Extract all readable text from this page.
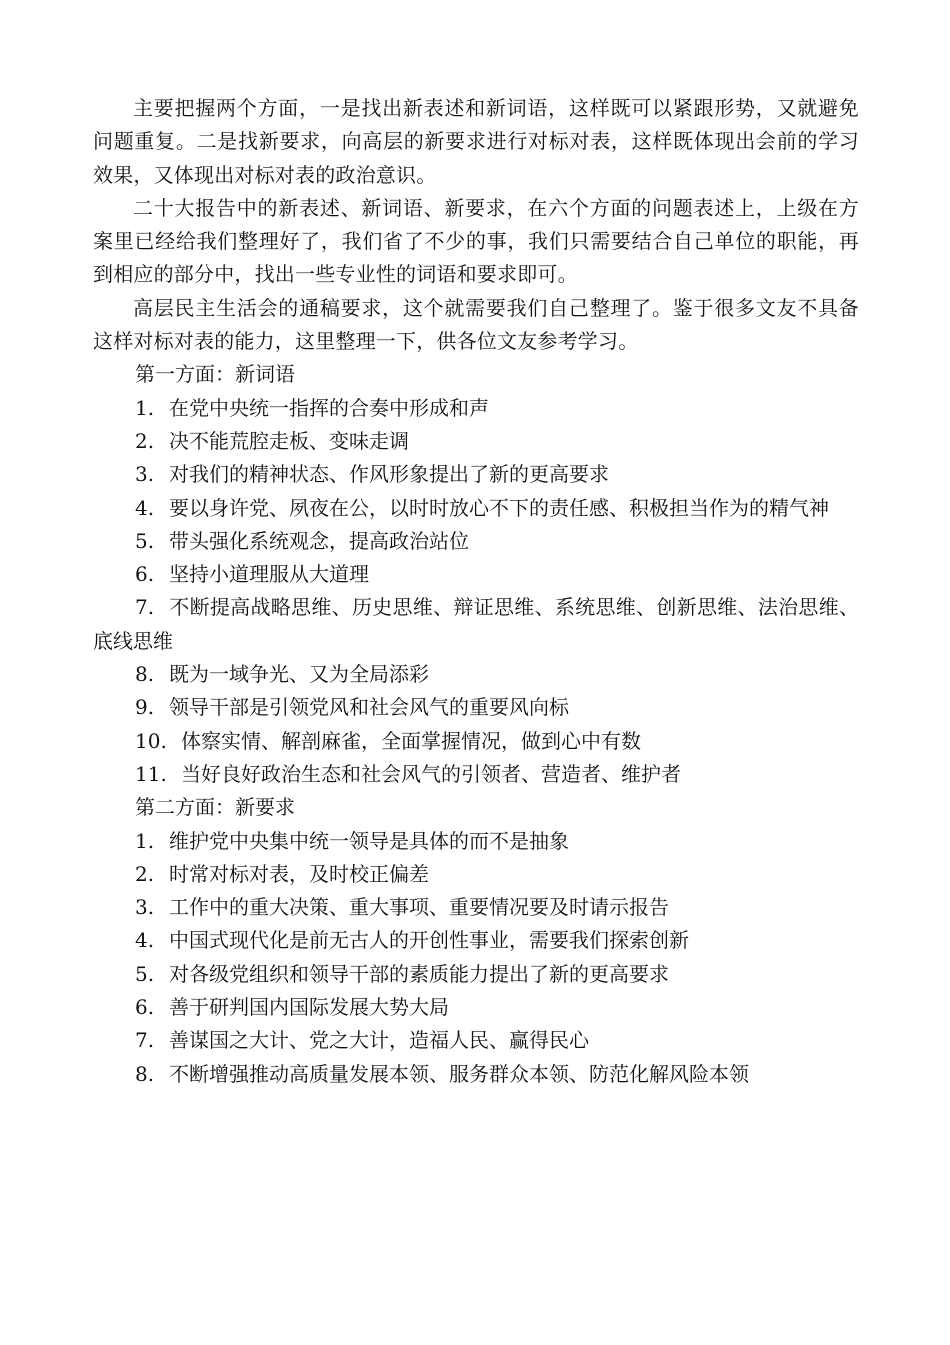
主要把握两个方面，一是找出新表述和新词语，这样既可以紧跟形势，又就避免问题重复。二是找新要求，向高层的新要求进行对标对表，这样既体现出会前的学习效果，又体现出对标对表的政治意识。

二十大报告中的新表述、新词语、新要求，在六个方面的问题表述上，上级在方案里已经给我们整理好了，我们省了不少的事，我们只需要结合自己单位的职能，再到相应的部分中，找出一些专业性的词语和要求即可。

高层民主生活会的通稿要求，这个就需要我们自己整理了。鉴于很多文友不具备这样对标对表的能力，这里整理一下，供各位文友参考学习。

第一方面：新词语

1. 在党中央统一指挥的合奏中形成和声

2. 决不能荒腔走板、变味走调

3. 对我们的精神状态、作风形象提出了新的更高要求

4. 要以身许党、夙夜在公，以时时放心不下的责任感、积极担当作为的精气神

5. 带头强化系统观念，提高政治站位

6. 坚持小道理服从大道理

7. 不断提高战略思维、历史思维、辩证思维、系统思维、创新思维、法治思维、底线思维

8. 既为一域争光、又为全局添彩

9. 领导干部是引领党风和社会风气的重要风向标

10. 体察实情、解剖麻雀，全面掌握情况，做到心中有数

11. 当好良好政治生态和社会风气的引领者、营造者、维护者

第二方面：新要求

1. 维护党中央集中统一领导是具体的而不是抽象

2. 时常对标对表，及时校正偏差

3. 工作中的重大决策、重大事项、重要情况要及时请示报告

4. 中国式现代化是前无古人的开创性事业，需要我们探索创新

5. 对各级党组织和领导干部的素质能力提出了新的更高要求

6. 善于研判国内国际发展大势大局

7. 善谋国之大计、党之大计，造福人民、赢得民心

8. 不断增强推动高质量发展本领、服务群众本领、防范化解风险本领
